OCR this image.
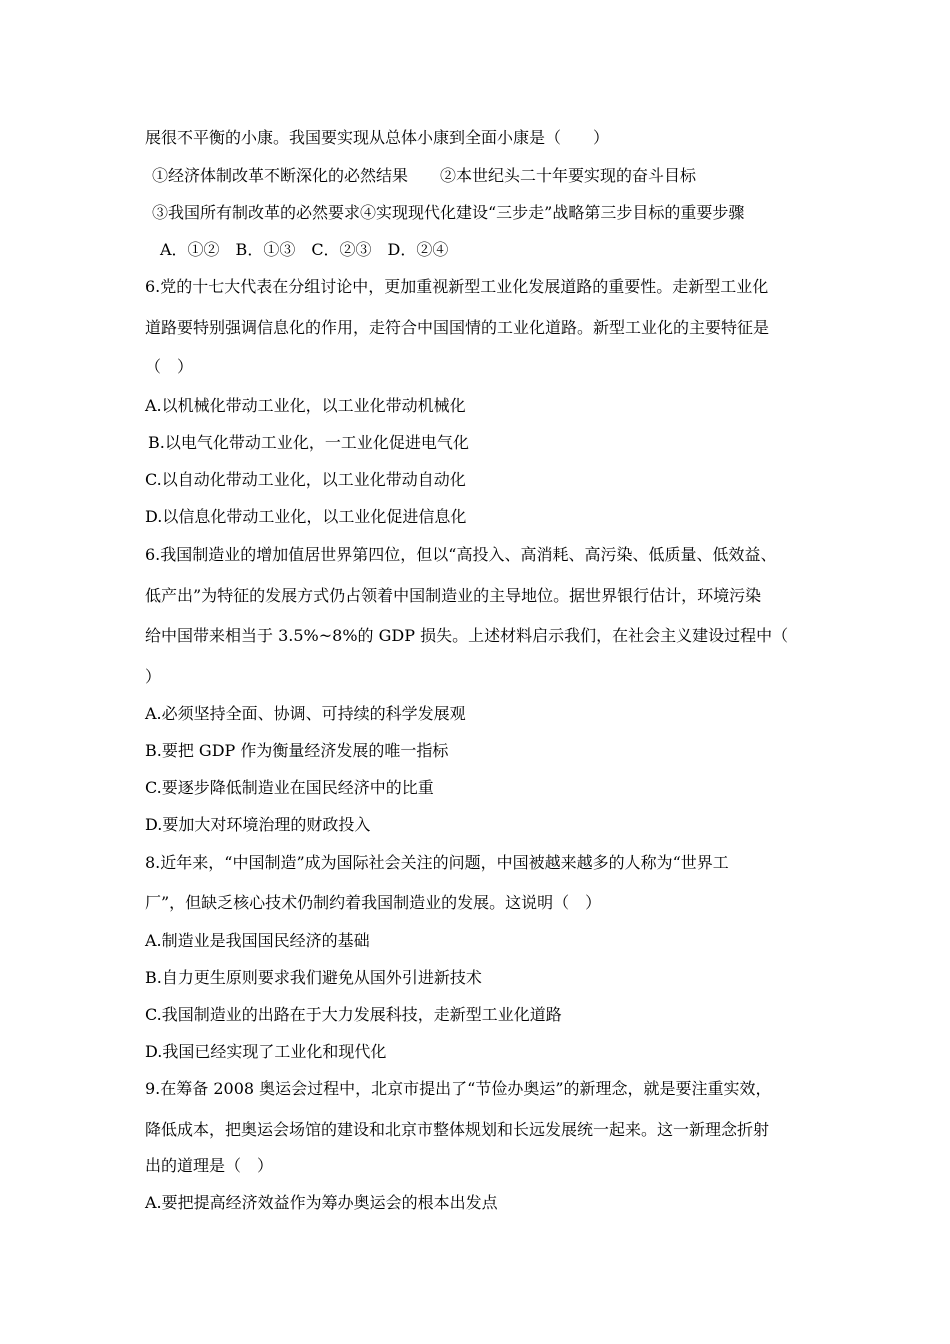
展很不平衡的小康。我国要实现从总体小康到全面小康是（　　）
①经济体制改革不断深化的必然结果　　②本世纪头二十年要实现的奋斗目标
③我国所有制改革的必然要求④实现现代化建设“三步走”战略第三步目标的重要步骤
A．①②　B．①③　C．②③　D．②④
6.党的十七大代表在分组讨论中，更加重视新型工业化发展道路的重要性。走新型工业化
道路要特别强调信息化的作用，走符合中国国情的工业化道路。新型工业化的主要特征是
（　）
A.以机械化带动工业化，以工业化带动机械化
B.以电气化带动工业化，一工业化促进电气化
C.以自动化带动工业化，以工业化带动自动化
D.以信息化带动工业化，以工业化促进信息化
6.我国制造业的增加值居世界第四位，但以“高投入、高消耗、高污染、低质量、低效益、
低产出”为特征的发展方式仍占领着中国制造业的主导地位。据世界银行估计，环境污染
给中国带来相当于 3.5%~8%的 GDP 损失。上述材料启示我们，在社会主义建设过程中（
）
A.必须坚持全面、协调、可持续的科学发展观
B.要把 GDP 作为衡量经济发展的唯一指标
C.要逐步降低制造业在国民经济中的比重
D.要加大对环境治理的财政投入
8.近年来，“中国制造”成为国际社会关注的问题，中国被越来越多的人称为“世界工
厂”，但缺乏核心技术仍制约着我国制造业的发展。这说明（　）
A.制造业是我国国民经济的基础
B.自力更生原则要求我们避免从国外引进新技术
C.我国制造业的出路在于大力发展科技，走新型工业化道路
D.我国已经实现了工业化和现代化
9.在筹备 2008 奥运会过程中，北京市提出了“节俭办奥运”的新理念，就是要注重实效，
降低成本，把奥运会场馆的建设和北京市整体规划和长远发展统一起来。这一新理念折射
出的道理是（　）
A.要把提高经济效益作为筹办奥运会的根本出发点
